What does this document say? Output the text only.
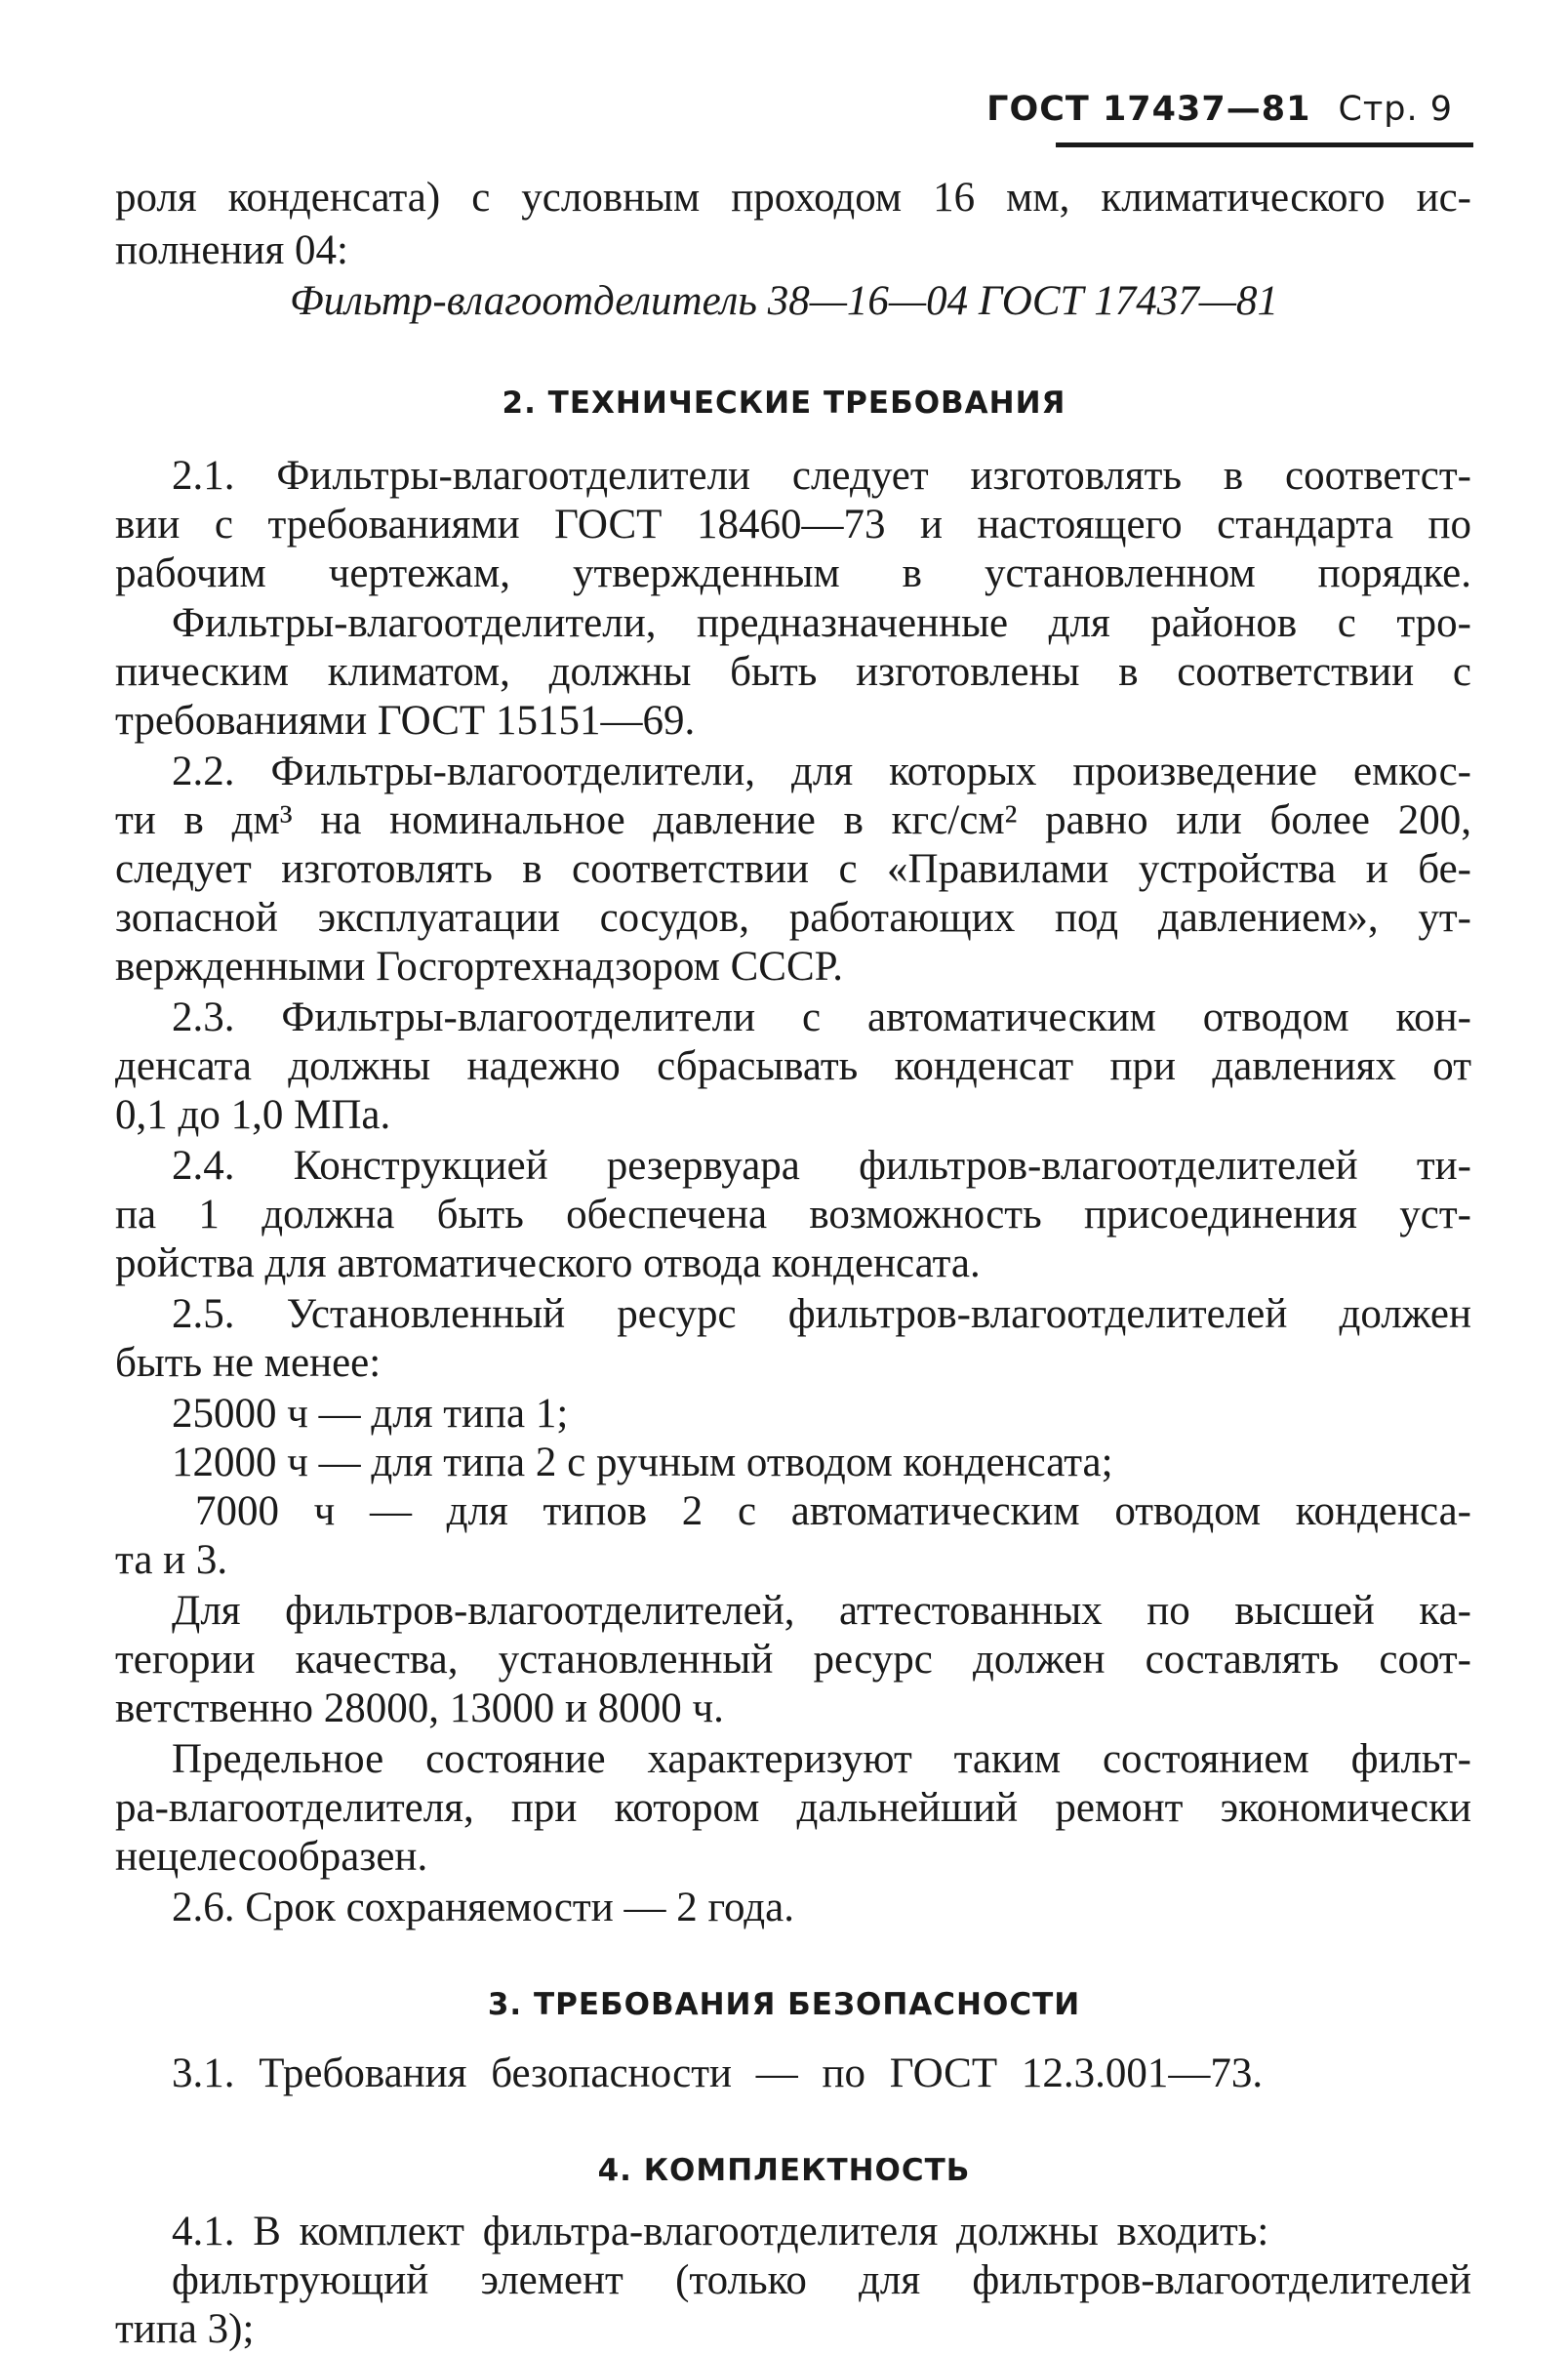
ГОСТ 17437—81 Стр. 9
роля конденсата) с условным проходом 16 мм, климатического ис-
полнения 04:
Фильтр-влагоотделитель 38—16—04 ГОСТ 17437—81
2. ТЕХНИЧЕСКИЕ ТРЕБОВАНИЯ
2.1. Фильтры-влагоотделители следует изготовлять в соответст-
вии с требованиями ГОСТ 18460—73 и настоящего стандарта по
рабочим чертежам, утвержденным в установленном порядке.
Фильтры-влагоотделители, предназначенные для районов с тро-
пическим климатом, должны быть изготовлены в соответствии с
требованиями ГОСТ 15151—69.
2.2. Фильтры-влагоотделители, для которых произведение емкос-
ти в дм³ на номинальное давление в кгс/см² равно или более 200,
следует изготовлять в соответствии с «Правилами устройства и бе-
зопасной эксплуатации сосудов, работающих под давлением», ут-
вержденными Госгортехнадзором СССР.
2.3. Фильтры-влагоотделители с автоматическим отводом кон-
денсата должны надежно сбрасывать конденсат при давлениях от
0,1 до 1,0 МПа.
2.4. Конструкцией резервуара фильтров-влагоотделителей ти-
па 1 должна быть обеспечена возможность присоединения уст-
ройства для автоматического отвода конденсата.
2.5. Установленный ресурс фильтров-влагоотделителей должен
быть не менее:
25000 ч — для типа 1;
12000 ч — для типа 2 с ручным отводом конденсата;
7000 ч — для типов 2 с автоматическим отводом конденса-
та и 3.
Для фильтров-влагоотделителей, аттестованных по высшей ка-
тегории качества, установленный ресурс должен составлять соот-
ветственно 28000, 13000 и 8000 ч.
Предельное состояние характеризуют таким состоянием фильт-
ра-влагоотделителя, при котором дальнейший ремонт экономически
нецелесообразен.
2.6. Срок сохраняемости — 2 года.
3. ТРЕБОВАНИЯ БЕЗОПАСНОСТИ
3.1. Требования безопасности — по ГОСТ 12.3.001—73.
4. КОМПЛЕКТНОСТЬ
4.1. В комплект фильтра-влагоотделителя должны входить:
фильтрующий элемент (только для фильтров-влагоотделителей
типа 3);
